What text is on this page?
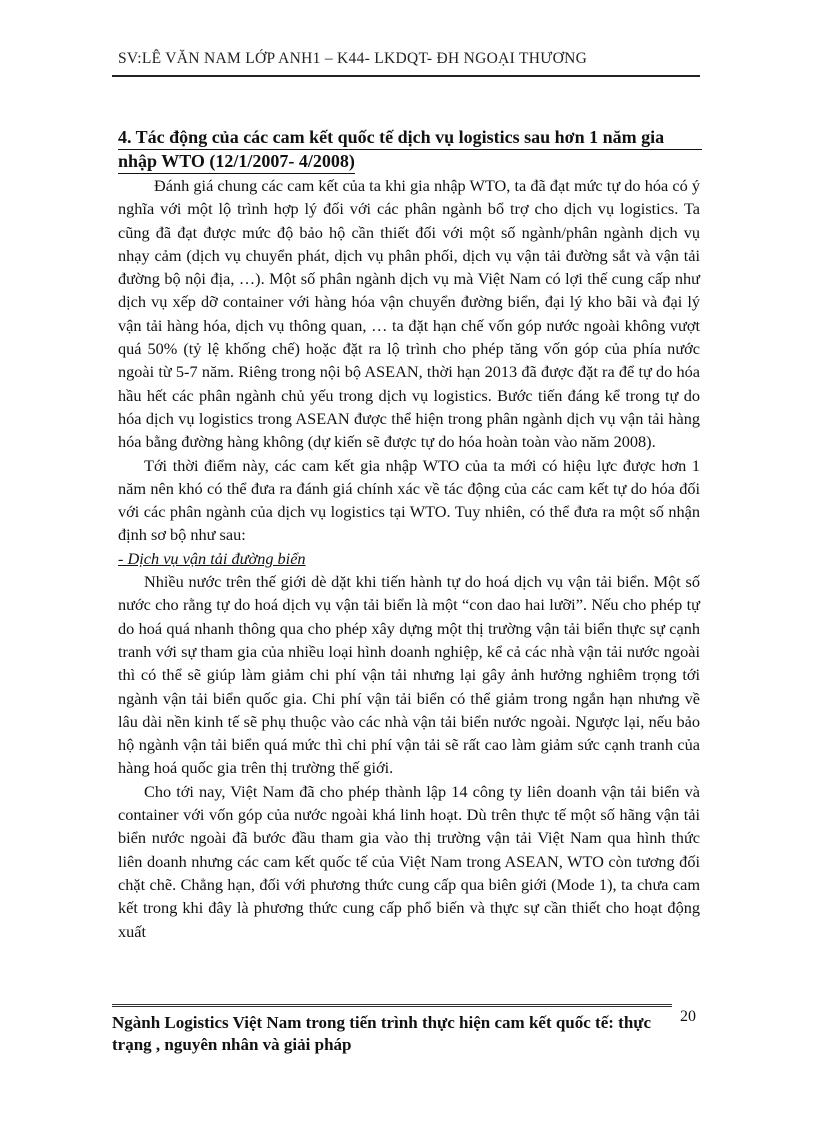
SV:LÊ VĂN NAM LỚP ANH1 – K44- LKDQT- ĐH NGOẠI THƯƠNG
4. Tác động của các cam kết quốc tế dịch vụ logistics sau hơn 1 năm gia
nhập WTO (12/1/2007- 4/2008)

Đánh giá chung các cam kết của ta khi gia nhập WTO, ta đã đạt mức tự do hóa có ý nghĩa với một lộ trình hợp lý đối với các phân ngành bổ trợ cho dịch vụ logistics. Ta cũng đã đạt được mức độ bảo hộ cần thiết đối với một số ngành/phân ngành dịch vụ nhạy cảm (dịch vụ chuyển phát, dịch vụ phân phối, dịch vụ vận tải đường sắt và vận tải đường bộ nội địa, …). Một số phân ngành dịch vụ mà Việt Nam có lợi thế cung cấp như dịch vụ xếp dỡ container với hàng hóa vận chuyển đường biển, đại lý kho bãi và đại lý vận tải hàng hóa, dịch vụ thông quan, … ta đặt hạn chế vốn góp nước ngoài không vượt quá 50% (tỷ lệ khống chế) hoặc đặt ra lộ trình cho phép tăng vốn góp của phía nước ngoài từ 5-7 năm. Riêng trong nội bộ ASEAN, thời hạn 2013 đã được đặt ra để tự do hóa hầu hết các phân ngành chủ yếu trong dịch vụ logistics. Bước tiến đáng kể trong tự do hóa dịch vụ logistics trong ASEAN được thể hiện trong phân ngành dịch vụ vận tải hàng hóa bằng đường hàng không (dự kiến sẽ được tự do hóa hoàn toàn vào năm 2008).

Tới thời điểm này, các cam kết gia nhập WTO của ta mới có hiệu lực được hơn 1 năm nên khó có thể đưa ra đánh giá chính xác về tác động của các cam kết tự do hóa đối với các phân ngành của dịch vụ logistics tại WTO. Tuy nhiên, có thể đưa ra một số nhận định sơ bộ như sau:

- Dịch vụ vận tải đường biển

Nhiều nước trên thế giới dè dặt khi tiến hành tự do hoá dịch vụ vận tải biển. Một số nước cho rằng tự do hoá dịch vụ vận tải biển là một “con dao hai lưỡi”. Nếu cho phép tự do hoá quá nhanh thông qua cho phép xây dựng một thị trường vận tải biển thực sự cạnh tranh với sự tham gia của nhiều loại hình doanh nghiệp, kể cả các nhà vận tải nước ngoài thì có thể sẽ giúp làm giảm chi phí vận tải nhưng lại gây ảnh hưởng nghiêm trọng tới ngành vận tải biển quốc gia. Chi phí vận tải biển có thể giảm trong ngắn hạn nhưng về lâu dài nền kinh tế sẽ phụ thuộc vào các nhà vận tải biển nước ngoài. Ngược lại, nếu bảo hộ ngành vận tải biển quá mức thì chi phí vận tải sẽ rất cao làm giảm sức cạnh tranh của hàng hoá quốc gia trên thị trường thế giới.

Cho tới nay, Việt Nam đã cho phép thành lập 14 công ty liên doanh vận tải biển và container với vốn góp của nước ngoài khá linh hoạt. Dù trên thực tế một số hãng vận tải biển nước ngoài đã bước đầu tham gia vào thị trường vận tải Việt Nam qua hình thức liên doanh nhưng các cam kết quốc tế của Việt Nam trong ASEAN, WTO còn tương đối chặt chẽ. Chẳng hạn, đối với phương thức cung cấp qua biên giới (Mode 1), ta chưa cam kết trong khi đây là phương thức cung cấp phổ biến và thực sự cần thiết cho hoạt động xuất

Ngành Logistics Việt Nam trong tiến trình thực hiện cam kết quốc tế: thực trạng , nguyên nhân và giải pháp
20
